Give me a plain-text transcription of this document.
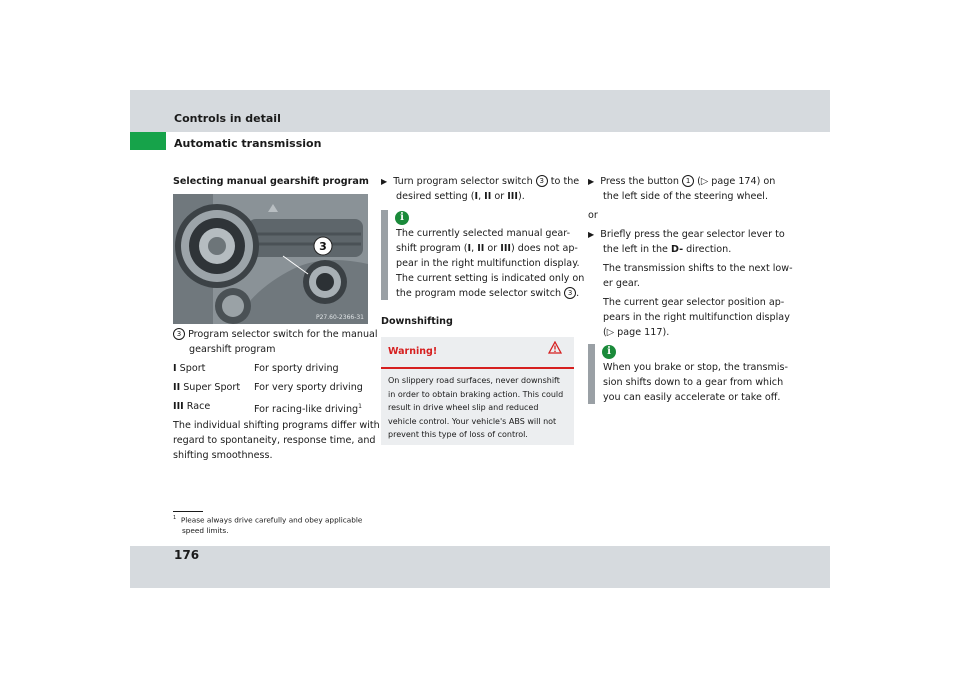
Controls in detail
Automatic transmission
Selecting manual gearshift program
3
P27.60-2366-31
3 Program selector switch for the manual
gearshift program
I Sport	For sporty driving
II Super Sport For very sporty driving
III Race	For racing-like driving$^1$
The individual shifting programs differ with
regard to spontaneity, response time, and
shifting smoothness.
$^1$ Please always drive carefully and obey applicable
speed limits.
▶ Turn program selector switch 3 to the
desired setting (I, II or III).
i
The currently selected manual gear-
shift program (I, II or III) does not ap-
pear in the right multifunction display.
The current setting is indicated only on
the program mode selector switch 3 .
Downshifting
Warning!
On slippery road surfaces, never downshift
in order to obtain braking action. This could
result in drive wheel slip and reduced
vehicle control. Your vehicle's ABS will not
prevent this type of loss of control.
▶ Press the button 1 (▷ page 174) on
the left side of the steering wheel.
or
▶ Briefly press the gear selector lever to
the left in the D- direction.
The transmission shifts to the next low-
er gear.
The current gear selector position ap-
pears in the right multifunction display
(▷ page 117).
i
When you brake or stop, the transmis-
sion shifts down to a gear from which
you can easily accelerate or take off.
176
